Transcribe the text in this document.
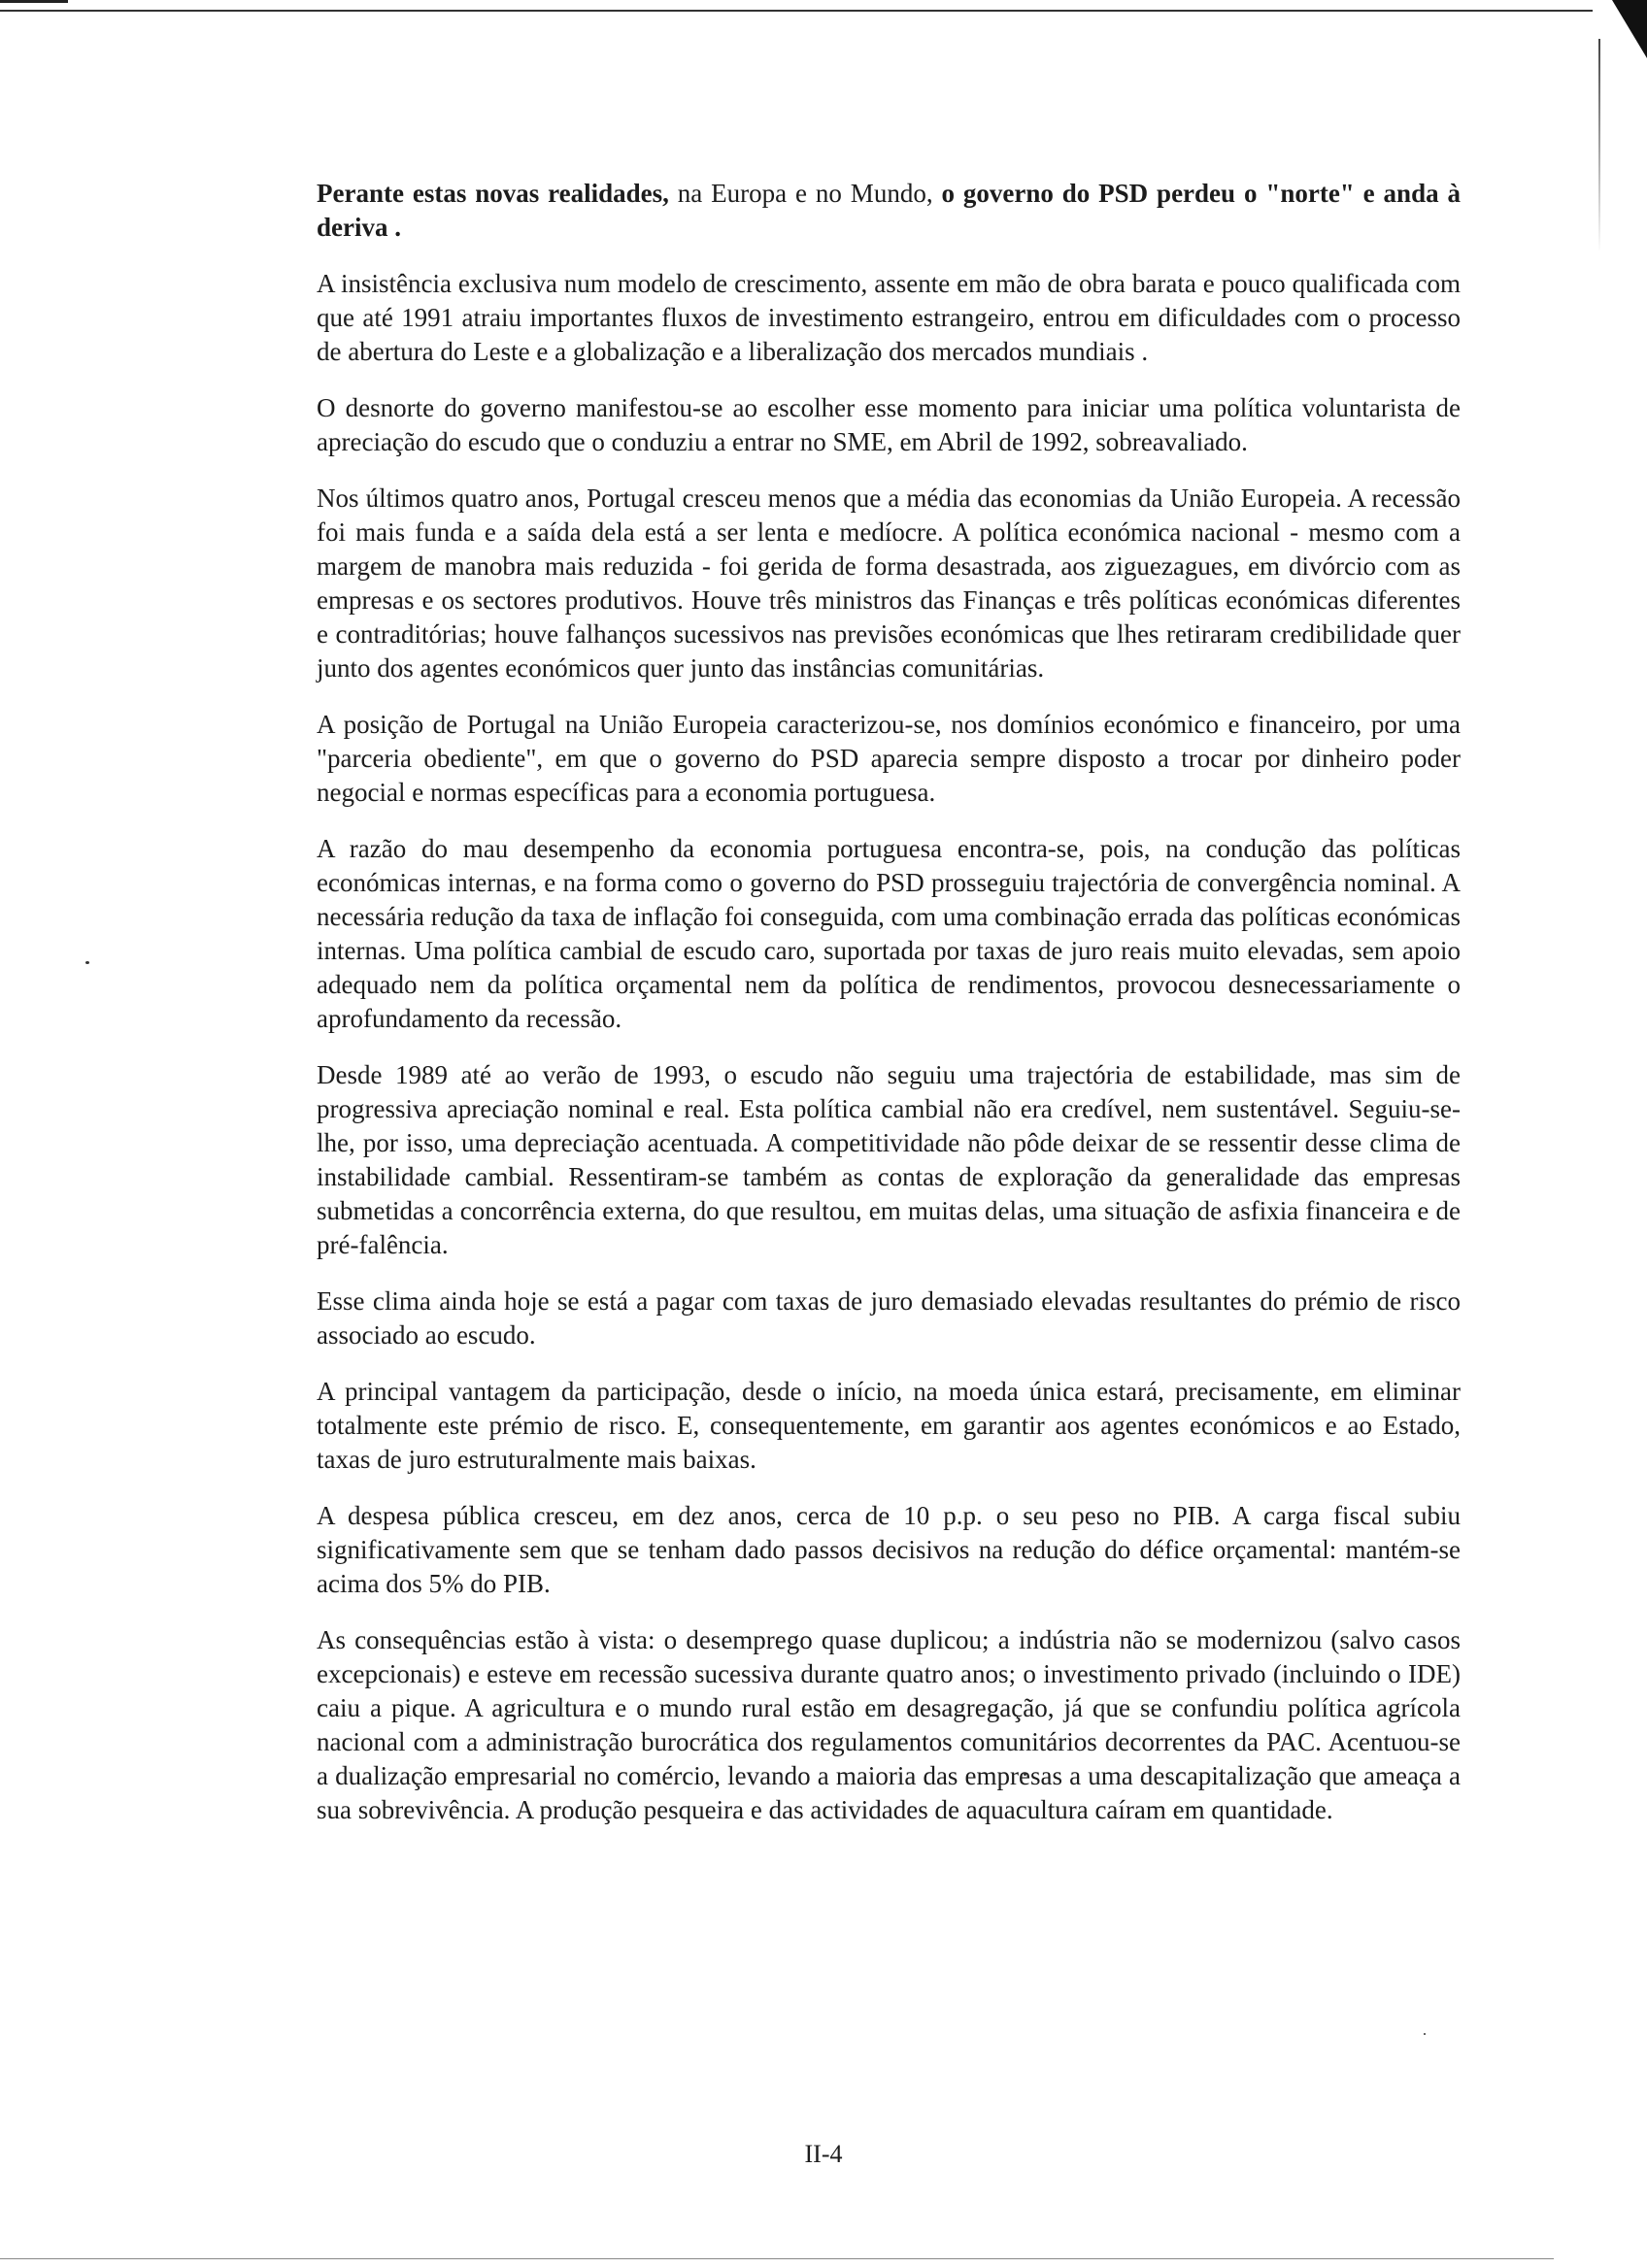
Perante estas novas realidades, na Europa e no Mundo, o governo do PSD perdeu o "norte" e anda à deriva .

A insistência exclusiva num modelo de crescimento, assente em mão de obra barata e pouco qualificada com que até 1991 atraiu importantes fluxos de investimento estrangeiro, entrou em dificuldades com o processo de abertura do Leste e a globalização e a liberalização dos mercados mundiais .

O desnorte do governo manifestou-se ao escolher esse momento para iniciar uma política voluntarista de apreciação do escudo que o conduziu a entrar no SME, em Abril de 1992, sobreavaliado.

Nos últimos quatro anos, Portugal cresceu menos que a média das economias da União Europeia. A recessão foi mais funda e a saída dela está a ser lenta e medíocre. A política económica nacional - mesmo com a margem de manobra mais reduzida - foi gerida de forma desastrada, aos ziguezagues, em divórcio com as empresas e os sectores produtivos. Houve três ministros das Finanças e três políticas económicas diferentes e contraditórias; houve falhanços sucessivos nas previsões económicas que lhes retiraram credibilidade quer junto dos agentes económicos quer junto das instâncias comunitárias.

A posição de Portugal na União Europeia caracterizou-se, nos domínios económico e financeiro, por uma "parceria obediente", em que o governo do PSD aparecia sempre disposto a trocar por dinheiro poder negocial e normas específicas para a economia portuguesa.

A razão do mau desempenho da economia portuguesa encontra-se, pois, na condução das políticas económicas internas, e na forma como o governo do PSD prosseguiu trajectória de convergência nominal. A necessária redução da taxa de inflação foi conseguida, com uma combinação errada das políticas económicas internas. Uma política cambial de escudo caro, suportada por taxas de juro reais muito elevadas, sem apoio adequado nem da política orçamental nem da política de rendimentos, provocou desnecessariamente o aprofundamento da recessão.

Desde 1989 até ao verão de 1993, o escudo não seguiu uma trajectória de estabilidade, mas sim de progressiva apreciação nominal e real. Esta política cambial não era credível, nem sustentável. Seguiu-se-lhe, por isso, uma depreciação acentuada. A competitividade não pôde deixar de se ressentir desse clima de instabilidade cambial. Ressentiram-se também as contas de exploração da generalidade das empresas submetidas a concorrência externa, do que resultou, em muitas delas, uma situação de asfixia financeira e de pré-falência.

Esse clima ainda hoje se está a pagar com taxas de juro demasiado elevadas resultantes do prémio de risco associado ao escudo.

A principal vantagem da participação, desde o início, na moeda única estará, precisamente, em eliminar totalmente este prémio de risco. E, consequentemente, em garantir aos agentes económicos e ao Estado, taxas de juro estruturalmente mais baixas.

A despesa pública cresceu, em dez anos, cerca de 10 p.p. o seu peso no PIB. A carga fiscal subiu significativamente sem que se tenham dado passos decisivos na redução do défice orçamental: mantém-se acima dos 5% do PIB.

As consequências estão à vista: o desemprego quase duplicou; a indústria não se modernizou (salvo casos excepcionais) e esteve em recessão sucessiva durante quatro anos; o investimento privado (incluindo o IDE) caiu a pique. A agricultura e o mundo rural estão em desagregação, já que se confundiu política agrícola nacional com a administração burocrática dos regulamentos comunitários decorrentes da PAC. Acentuou-se a dualização empresarial no comércio, levando a maioria das empresas a uma descapitalização que ameaça a sua sobrevivência. A produção pesqueira e das actividades de aquacultura caíram em quantidade.

II-4
